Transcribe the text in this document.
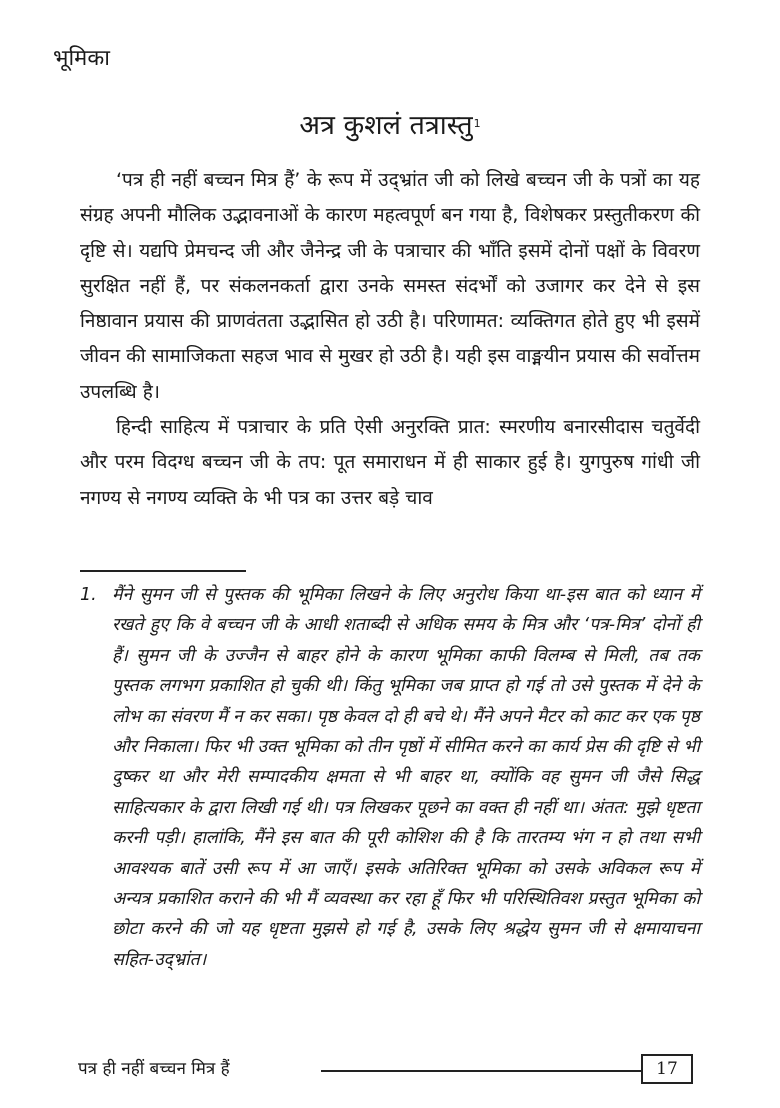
भूमिका
अत्र कुशलं तत्रास्तु$^1$

‘पत्र ही नहीं बच्चन मित्र हैं’ के रूप में उद्भ्रांत जी को लिखे बच्चन जी के पत्रों का यह संग्रह अपनी मौलिक उद्भावनाओं के कारण महत्वपूर्ण बन गया है, विशेषकर प्रस्तुतीकरण की दृष्टि से। यद्यपि प्रेमचन्द जी और जैनेन्द्र जी के पत्राचार की भाँति इसमें दोनों पक्षों के विवरण सुरक्षित नहीं हैं, पर संकलनकर्ता द्वारा उनके समस्त संदर्भों को उजागर कर देने से इस निष्ठावान प्रयास की प्राणवंतता उद्भासित हो उठी है। परिणामत: व्यक्तिगत होते हुए भी इसमें जीवन की सामाजिकता सहज भाव से मुखर हो उठी है। यही इस वाङ्मयीन प्रयास की सर्वोत्तम उपलब्धि है।

हिन्दी साहित्य में पत्राचार के प्रति ऐसी अनुरक्ति प्रात: स्मरणीय बनारसीदास चतुर्वेदी और परम विदग्ध बच्चन जी के तप: पूत समाराधन में ही साकार हुई है। युगपुरुष गांधी जी नगण्य से नगण्य व्यक्ति के भी पत्र का उत्तर बड़े चाव

1. मैंने सुमन जी से पुस्तक की भूमिका लिखने के लिए अनुरोध किया था-इस बात को ध्यान में रखते हुए कि वे बच्चन जी के आधी शताब्दी से अधिक समय के मित्र और ‘पत्र-मित्र’ दोनों ही हैं। सुमन जी के उज्जैन से बाहर होने के कारण भूमिका काफी विलम्ब से मिली, तब तक पुस्तक लगभग प्रकाशित हो चुकी थी। किंतु भूमिका जब प्राप्त हो गई तो उसे पुस्तक में देने के लोभ का संवरण मैं न कर सका। पृष्ठ केवल दो ही बचे थे। मैंने अपने मैटर को काट कर एक पृष्ठ और निकाला। फिर भी उक्त भूमिका को तीन पृष्ठों में सीमित करने का कार्य प्रेस की दृष्टि से भी दुष्कर था और मेरी सम्पादकीय क्षमता से भी बाहर था, क्योंकि वह सुमन जी जैसे सिद्ध साहित्यकार के द्वारा लिखी गई थी। पत्र लिखकर पूछने का वक्त ही नहीं था। अंतत: मुझे धृष्टता करनी पड़ी। हालांकि, मैंने इस बात की पूरी कोशिश की है कि तारतम्य भंग न हो तथा सभी आवश्यक बातें उसी रूप में आ जाएँ। इसके अतिरिक्त भूमिका को उसके अविकल रूप में अन्यत्र प्रकाशित कराने की भी मैं व्यवस्था कर रहा हूँ फिर भी परिस्थितिवश प्रस्तुत भूमिका को छोटा करने की जो यह धृष्टता मुझसे हो गई है, उसके लिए श्रद्धेय सुमन जी से क्षमायाचना सहित-उद्भ्रांत।
पत्र ही नहीं बच्चन मित्र हैं	17
